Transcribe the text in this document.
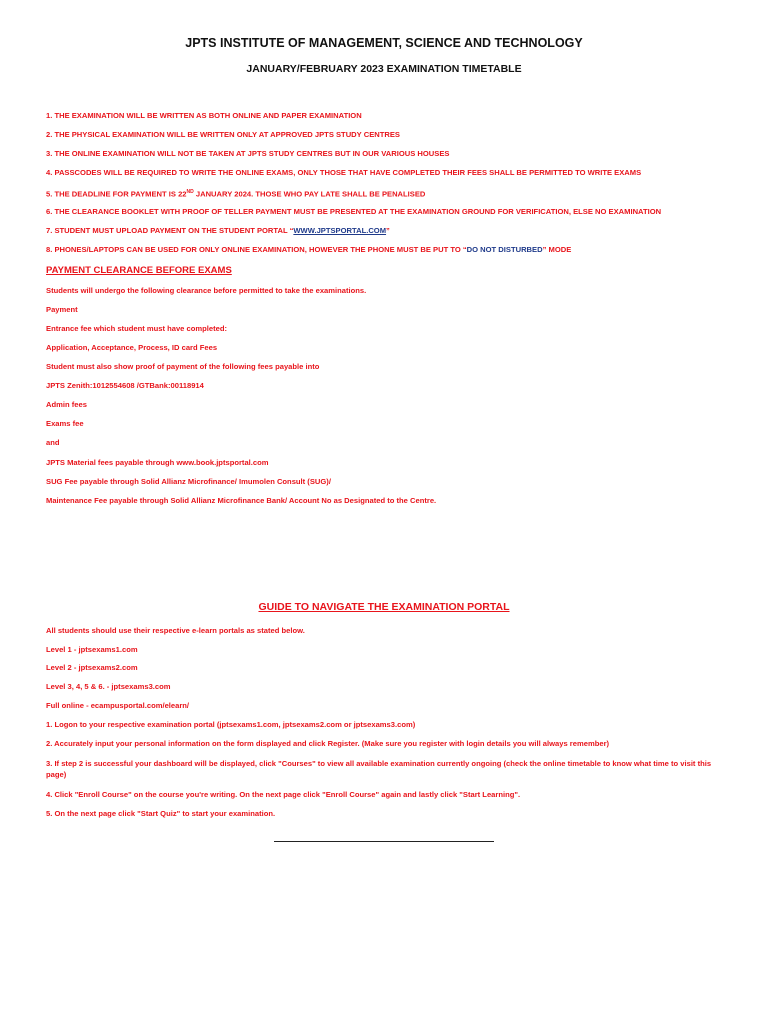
JPTS INSTITUTE OF MANAGEMENT, SCIENCE AND TECHNOLOGY
JANUARY/FEBRUARY 2023 EXAMINATION TIMETABLE
1. THE EXAMINATION WILL BE WRITTEN AS BOTH ONLINE AND PAPER EXAMINATION
2. THE PHYSICAL EXAMINATION WILL BE WRITTEN ONLY AT APPROVED JPTS STUDY CENTRES
3. THE ONLINE EXAMINATION WILL NOT BE TAKEN AT JPTS STUDY CENTRES BUT IN OUR VARIOUS HOUSES
4. PASSCODES WILL BE REQUIRED TO WRITE THE ONLINE EXAMS, ONLY THOSE THAT HAVE COMPLETED THEIR FEES SHALL BE PERMITTED TO WRITE EXAMS
5. THE DEADLINE FOR PAYMENT IS 22ND JANUARY 2024. THOSE WHO PAY LATE SHALL BE PENALISED
6. THE CLEARANCE BOOKLET WITH PROOF OF TELLER PAYMENT MUST BE PRESENTED AT THE EXAMINATION GROUND FOR VERIFICATION, ELSE NO EXAMINATION
7. STUDENT MUST UPLOAD PAYMENT ON THE STUDENT PORTAL “WWW.JPTSPORTAL.COM”
8. PHONES/LAPTOPS CAN BE USED FOR ONLY ONLINE EXAMINATION, HOWEVER THE PHONE MUST BE PUT TO “DO NOT DISTURBED” MODE
PAYMENT CLEARANCE BEFORE EXAMS
Students will undergo the following clearance before permitted to take the examinations.
Payment
Entrance fee which student must have completed:
Application, Acceptance, Process, ID card Fees
Student must also show proof of payment of the following fees payable into
JPTS Zenith:1012554608 /GTBank:00118914
Admin fees
Exams fee
and
JPTS Material fees payable through www.book.jptsportal.com
SUG Fee payable through Solid Allianz Microfinance/ Imumolen Consult (SUG)/
Maintenance Fee payable through Solid Allianz Microfinance Bank/ Account No as Designated to the Centre.
GUIDE TO NAVIGATE THE EXAMINATION PORTAL
All students should use their respective e-learn portals as stated below.
Level 1 - jptsexams1.com
Level 2 - jptsexams2.com
Level 3, 4, 5 & 6. - jptsexams3.com
Full online - ecampusportal.com/elearn/
1. Logon to your respective examination portal (jptsexams1.com, jptsexams2.com or jptsexams3.com)
2. Accurately input your personal information on the form displayed and click Register. (Make sure you register with login details you will always remember)
3. If step 2 is successful your dashboard will be displayed, click "Courses" to view all available examination currently ongoing (check the online timetable to know what time to visit this page)
4. Click "Enroll Course" on the course you're writing. On the next page click "Enroll Course" again and lastly click "Start Learning".
5. On the next page click "Start Quiz" to start your examination.
